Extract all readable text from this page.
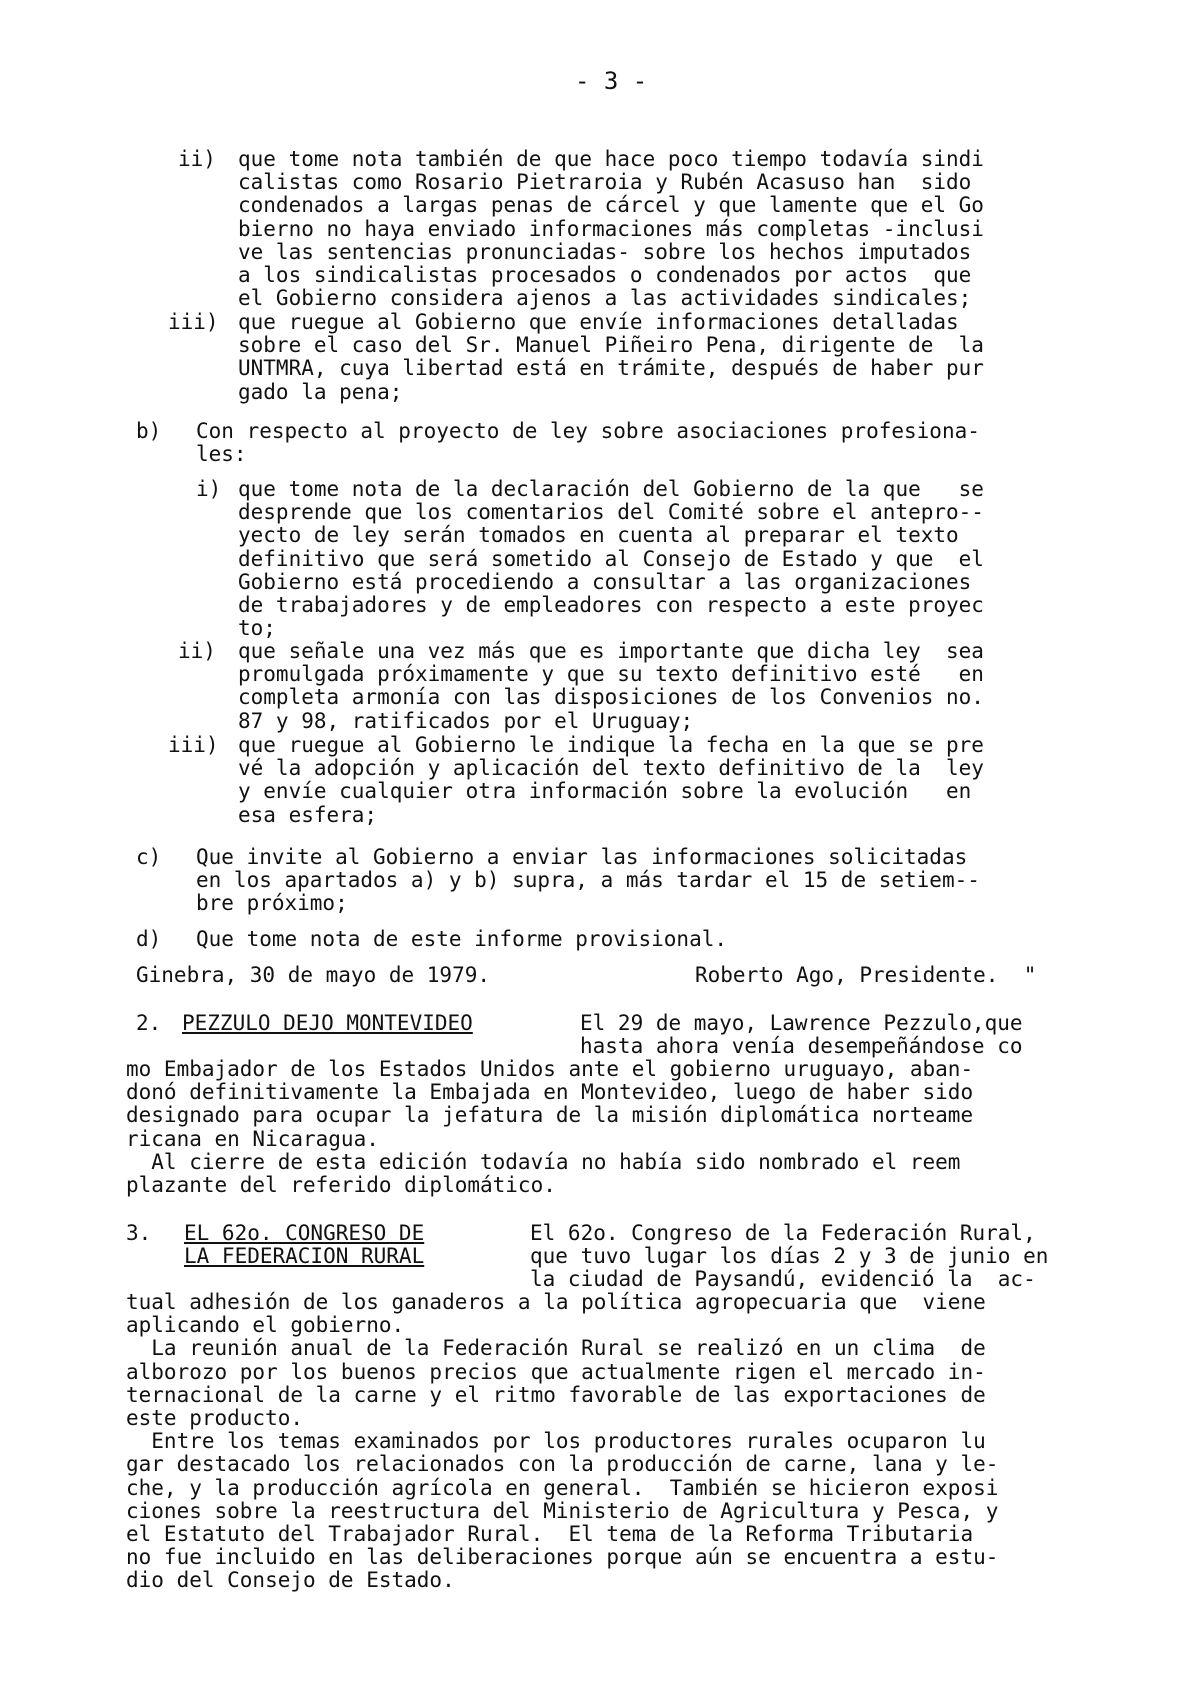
- 3 -
ii) que tome nota también de que hace poco tiempo todavía sindi
calistas como Rosario Pietraroia y Rubén Acasuso han  sido
condenados a largas penas de cárcel y que lamente que el Go
bierno no haya enviado informaciones más completas -inclusi
ve las sentencias pronunciadas- sobre los hechos imputados
a los sindicalistas procesados o condenados por actos  que
el Gobierno considera ajenos a las actividades sindicales;
iii) que ruegue al Gobierno que envíe informaciones detalladas
sobre el caso del Sr. Manuel Piñeiro Pena, dirigente de  la
UNTMRA, cuya libertad está en trámite, después de haber pur
gado la pena;
b) Con respecto al proyecto de ley sobre asociaciones profesiona-
les:
i) que tome nota de la declaración del Gobierno de la que   se
desprende que los comentarios del Comité sobre el antepro--
yecto de ley serán tomados en cuenta al preparar el texto
definitivo que será sometido al Consejo de Estado y que  el
Gobierno está procediendo a consultar a las organizaciones
de trabajadores y de empleadores con respecto a este proyec
to;
ii) que señale una vez más que es importante que dicha ley  sea
promulgada próximamente y que su texto definitivo esté   en
completa armonía con las disposiciones de los Convenios no.
87 y 98, ratificados por el Uruguay;
iii) que ruegue al Gobierno le indique la fecha en la que se pre
vé la adopción y aplicación del texto definitivo de la  ley
y envíe cualquier otra información sobre la evolución   en
esa esfera;
c) Que invite al Gobierno a enviar las informaciones solicitadas
en los apartados a) y b) supra, a más tardar el 15 de setiem--
bre próximo;
d) Que tome nota de este informe provisional.
Ginebra, 30 de mayo de 1979.	Roberto Ago, Presidente.  "
2. PEZZULO DEJO MONTEVIDEO	El 29 de mayo, Lawrence Pezzulo,que
hasta ahora venía desempeñándose co
mo Embajador de los Estados Unidos ante el gobierno uruguayo, aban-
donó definitivamente la Embajada en Montevideo, luego de haber sido
designado para ocupar la jefatura de la misión diplomática norteame
ricana en Nicaragua.
Al cierre de esta edición todavía no había sido nombrado el reem
plazante del referido diplomático.
3. EL 62o. CONGRESO DE
LA FEDERACION RURAL
El 62o. Congreso de la Federación Rural,
que tuvo lugar los días 2 y 3 de junio en
la ciudad de Paysandú, evidenció la  ac-
tual adhesión de los ganaderos a la política agropecuaria que  viene
aplicando el gobierno.
La reunión anual de la Federación Rural se realizó en un clima  de
alborozo por los buenos precios que actualmente rigen el mercado in-
ternacional de la carne y el ritmo favorable de las exportaciones de
este producto.
Entre los temas examinados por los productores rurales ocuparon lu
gar destacado los relacionados con la producción de carne, lana y le-
che, y la producción agrícola en general.  También se hicieron exposi
ciones sobre la reestructura del Ministerio de Agricultura y Pesca, y
el Estatuto del Trabajador Rural.  El tema de la Reforma Tributaria
no fue incluido en las deliberaciones porque aún se encuentra a estu-
dio del Consejo de Estado.
